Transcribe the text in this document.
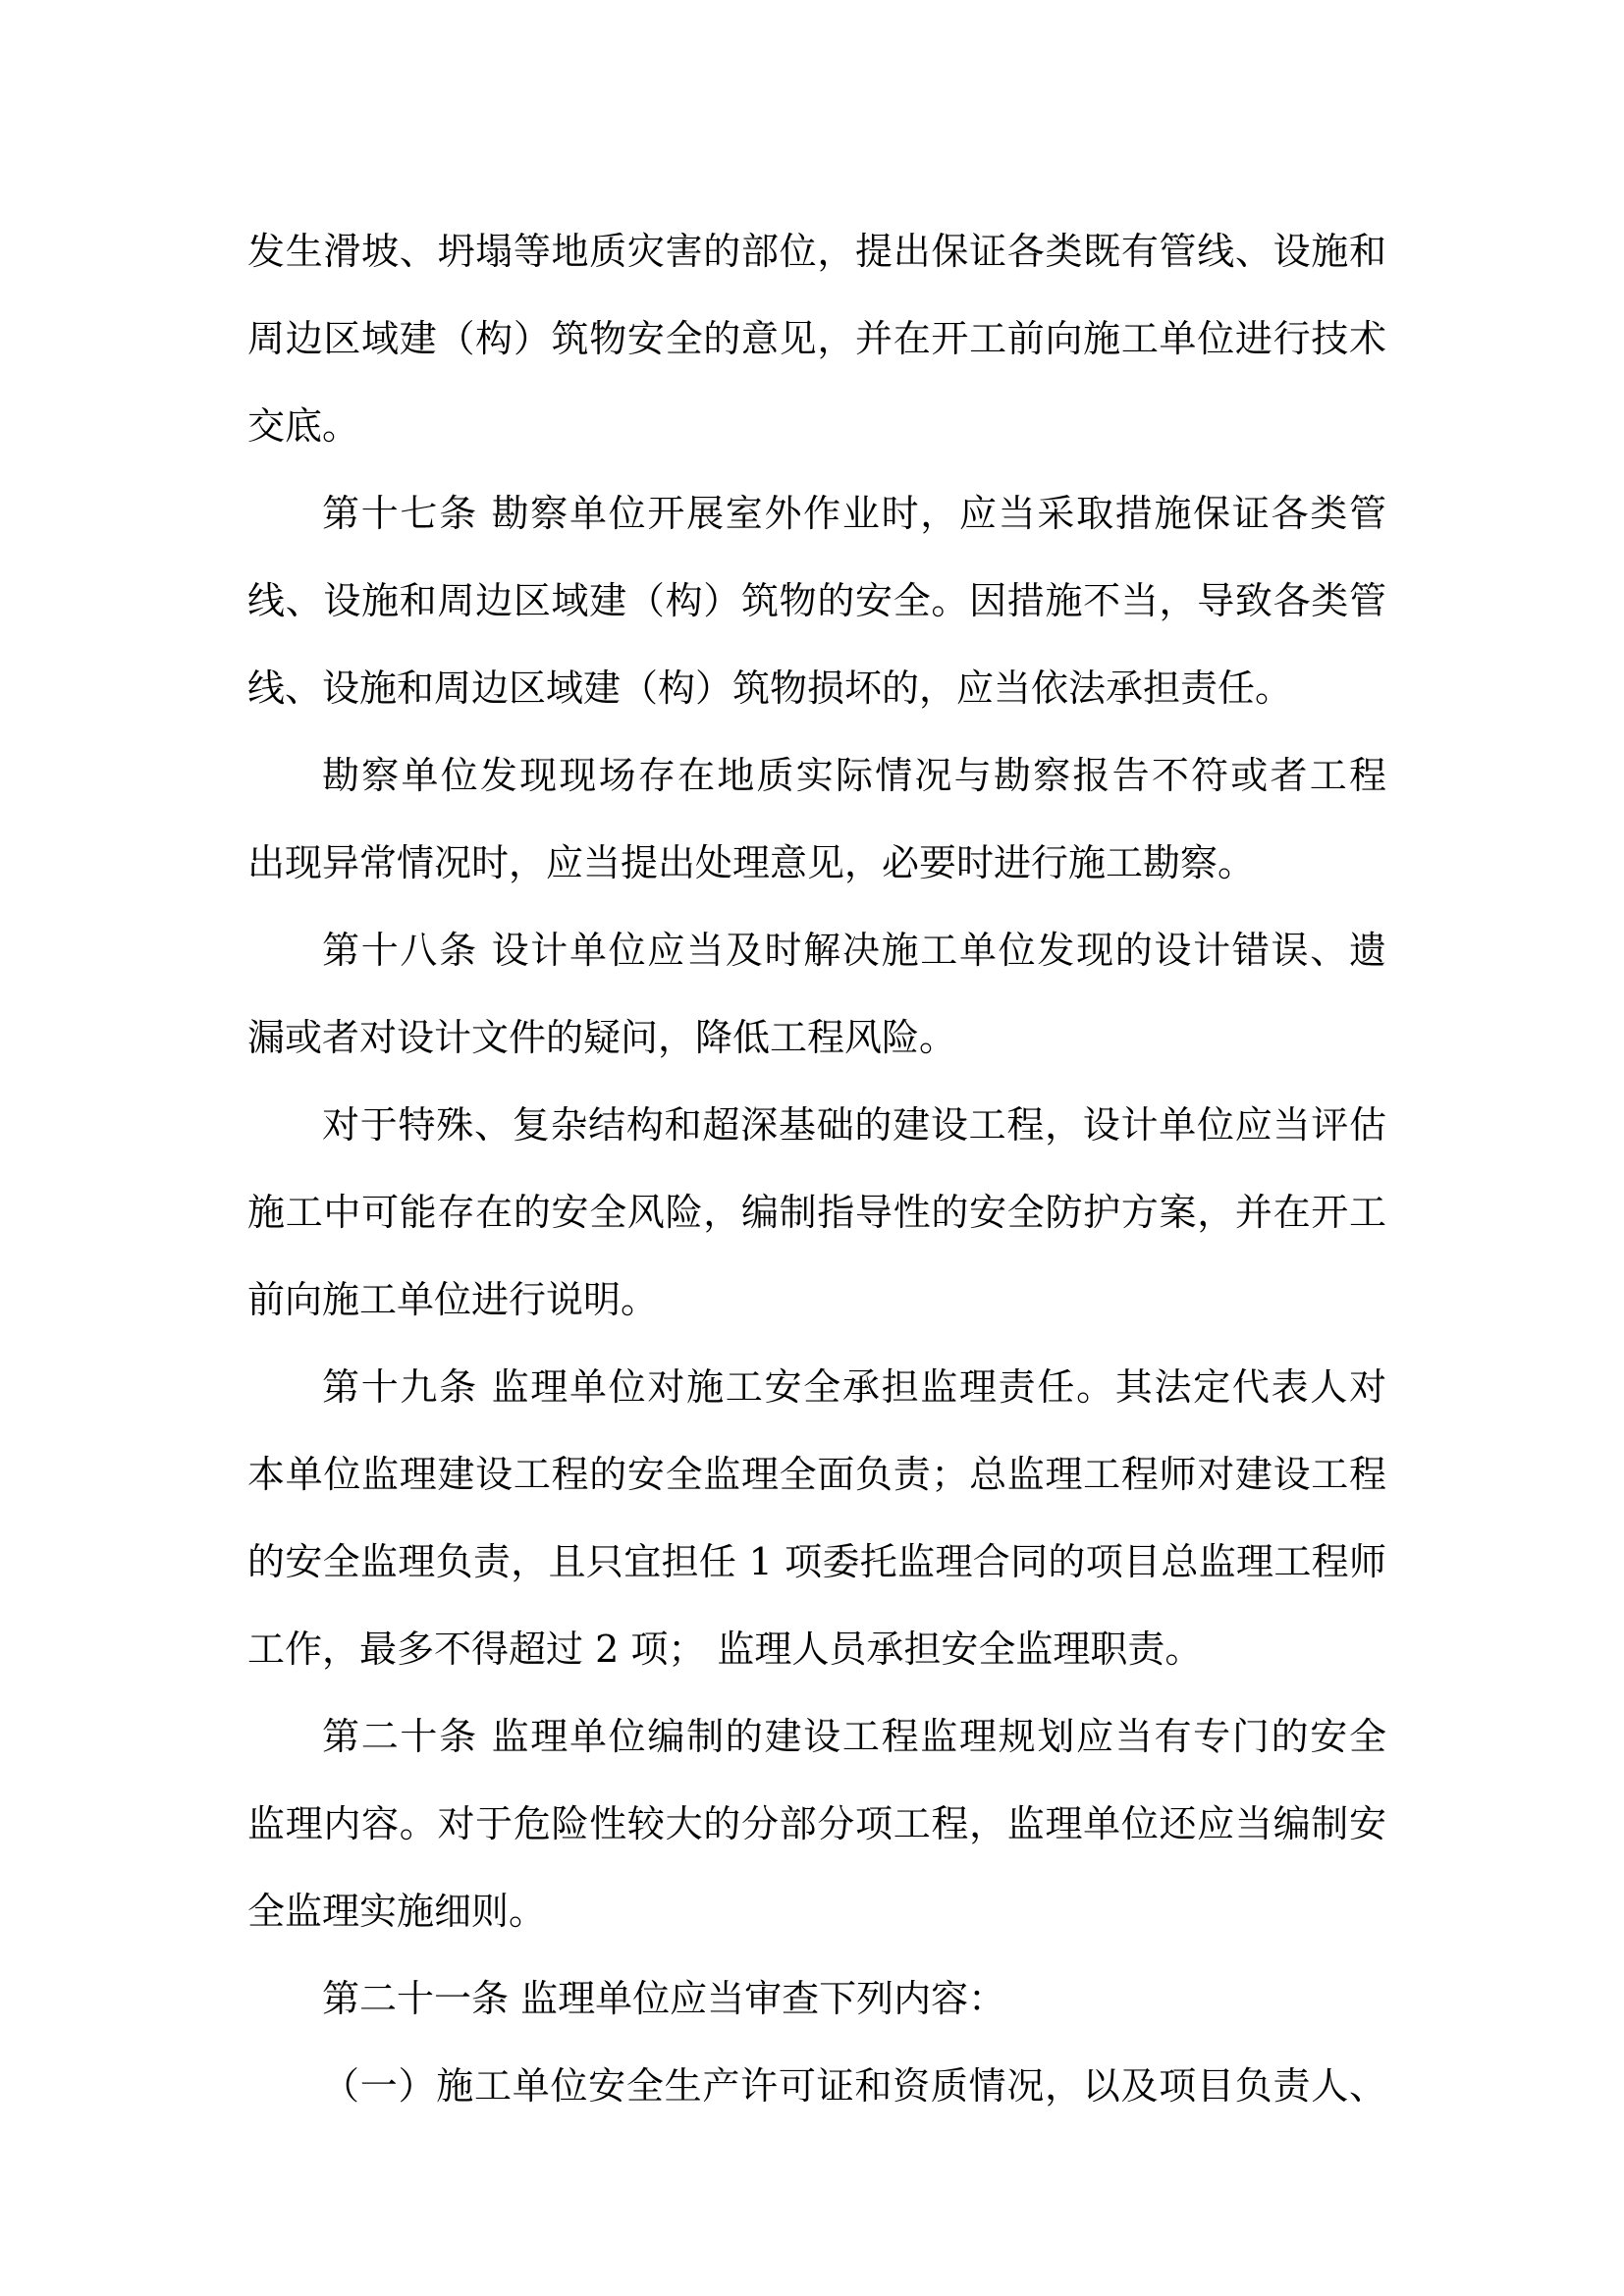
发生滑坡、坍塌等地质灾害的部位，提出保证各类既有管线、设施和
周边区域建（构）筑物安全的意见，并在开工前向施工单位进行技术
交底。
第十七条 勘察单位开展室外作业时，应当采取措施保证各类管
线、设施和周边区域建（构）筑物的安全。因措施不当，导致各类管
线、设施和周边区域建（构）筑物损坏的，应当依法承担责任。
勘察单位发现现场存在地质实际情况与勘察报告不符或者工程
出现异常情况时，应当提出处理意见，必要时进行施工勘察。
第十八条 设计单位应当及时解决施工单位发现的设计错误、遗
漏或者对设计文件的疑问，降低工程风险。
对于特殊、复杂结构和超深基础的建设工程，设计单位应当评估
施工中可能存在的安全风险，编制指导性的安全防护方案，并在开工
前向施工单位进行说明。
第十九条 监理单位对施工安全承担监理责任。其法定代表人对
本单位监理建设工程的安全监理全面负责；总监理工程师对建设工程
的安全监理负责，且只宜担任 1 项委托监理合同的项目总监理工程师
工作，最多不得超过 2 项； 监理人员承担安全监理职责。
第二十条 监理单位编制的建设工程监理规划应当有专门的安全
监理内容。对于危险性较大的分部分项工程，监理单位还应当编制安
全监理实施细则。
第二十一条 监理单位应当审查下列内容：
（一）施工单位安全生产许可证和资质情况，以及项目负责人、
